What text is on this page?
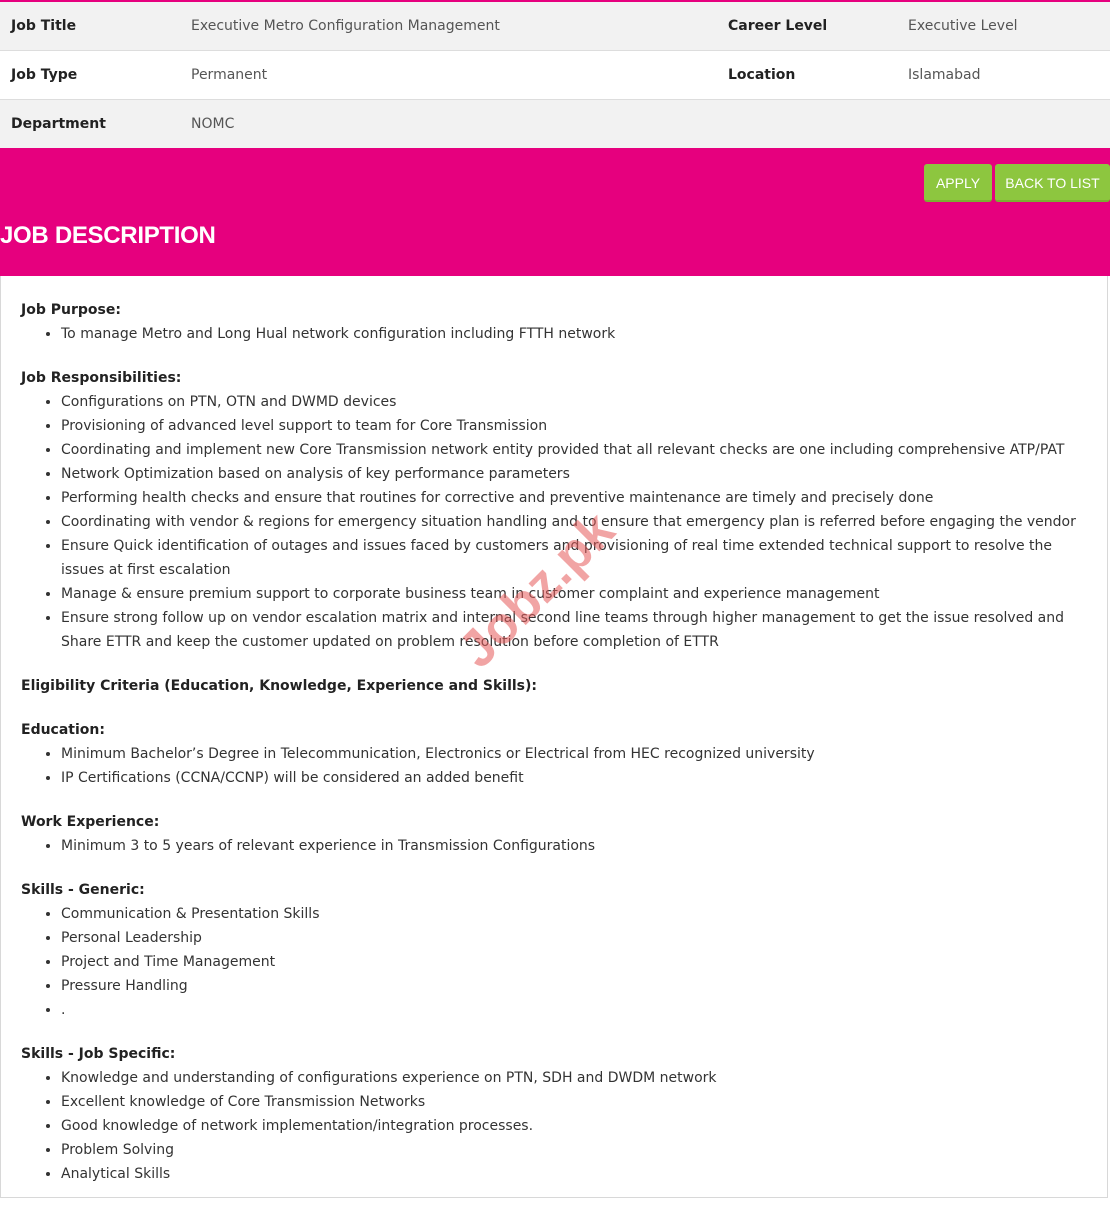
Job Title	Executive Metro Configuration Management	Career Level	Executive Level
Job Type	Permanent	Location	Islamabad
Department	NOMC		
APPLY	BACK TO LIST
JOB DESCRIPTION

Job Purpose:

• To manage Metro and Long Hual network configuration including FTTH network

Job Responsibilities:

• Configurations on PTN, OTN and DWMD devices
• Provisioning of advanced level support to team for Core Transmission
• Coordinating and implement new Core Transmission network entity provided that all relevant checks are one including comprehensive ATP/PAT
• Network Optimization based on analysis of key performance parameters
• Performing health checks and ensure that routines for corrective and preventive maintenance are timely and precisely done
• Coordinating with vendor & regions for emergency situation handling and to ensure that emergency plan is referred before engaging the vendor
• Ensure Quick identification of outages and issues faced by customers and provisioning of real time extended technical support to resolve the issues at first escalation
• Manage & ensure premium support to corporate business team in customer complaint and experience management
• Ensure strong follow up on vendor escalation matrix and internal second line teams through higher management to get the issue resolved and Share ETTR and keep the customer updated on problem resolution before completion of ETTR

Eligibility Criteria (Education, Knowledge, Experience and Skills):

Education:

• Minimum Bachelor’s Degree in Telecommunication, Electronics or Electrical from HEC recognized university
• IP Certifications (CCNA/CCNP) will be considered an added benefit

Work Experience:

• Minimum 3 to 5 years of relevant experience in Transmission Configurations

Skills - Generic:

• Communication & Presentation Skills
• Personal Leadership
• Project and Time Management
• Pressure Handling
• .

Skills - Job Specific:

• Knowledge and understanding of configurations experience on PTN, SDH and DWDM network
• Excellent knowledge of Core Transmission Networks
• Good knowledge of network implementation/integration processes.
• Problem Solving
• Analytical Skills
Jobz.pk
